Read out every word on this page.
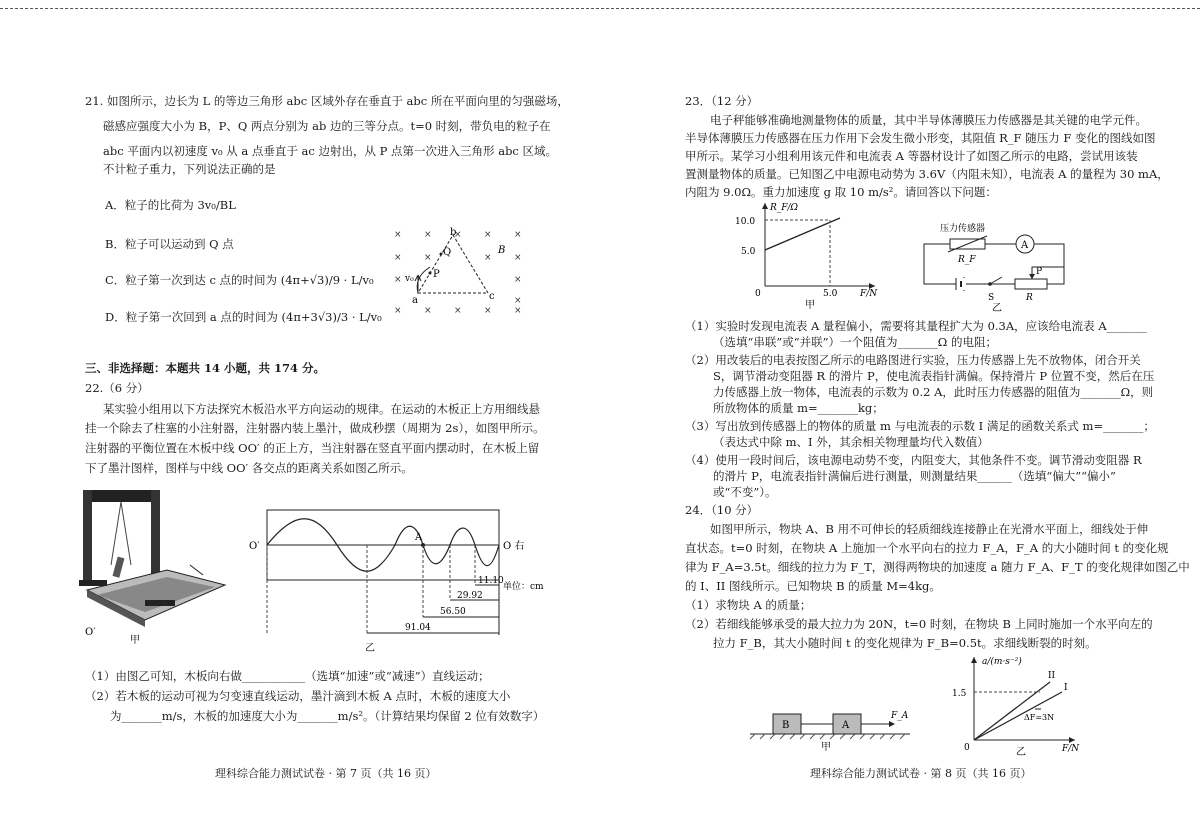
21. 如图所示，边长为 L 的等边三角形 abc 区域外存在垂直于 abc 所在平面向里的匀强磁场，
磁感应强度大小为 B，P、Q 两点分别为 ab 边的三等分点。t=0 时刻，带负电的粒子在
abc 平面内以初速度 v₀ 从 a 点垂直于 ac 边射出，从 P 点第一次进入三角形 abc 区域。
不计粒子重力，下列说法正确的是
A．粒子的比荷为 3v₀/BL
B．粒子可以运动到 Q 点
C．粒子第一次到达 c 点的时间为 (4π+√3)/9 · L/v₀
D．粒子第一次回到 a 点的时间为 (4π+3√3)/3 · L/v₀
× × × × ×
× ×	× ×
×	×
×
× × × × ×
b
B
Q
P
v₀
a	c
三、非选择题：本题共 14 小题，共 174 分。
22.（6 分）
某实验小组用以下方法探究木板沿水平方向运动的规律。在运动的木板正上方用细线悬
挂一个除去了柱塞的小注射器，注射器内装上墨汁，做成秒摆（周期为 2s），如图甲所示。
注射器的平衡位置在木板中线 OO′ 的正上方，当注射器在竖直平面内摆动时，在木板上留
下了墨汁图样，图样与中线 OO′ 各交点的距离关系如图乙所示。
O′
甲
O′	O 右
A
11.10
29.92
56.50
91.04
单位：cm
乙
（1）由图乙可知，木板向右做___________（选填“加速”或“减速”）直线运动；
（2）若木板的运动可视为匀变速直线运动，墨汁滴到木板 A 点时，木板的速度大小
为_______m/s，木板的加速度大小为_______m/s²。（计算结果均保留 2 位有效数字）
理科综合能力测试试卷 · 第 7 页（共 16 页）
23．（12 分）
电子秤能够准确地测量物体的质量，其中半导体薄膜压力传感器是其关键的电学元件。
半导体薄膜压力传感器在压力作用下会发生微小形变，其阻值 R_F 随压力 F 变化的图线如图
甲所示。某学习小组利用该元件和电流表 A 等器材设计了如图乙所示的电路，尝试用该装
置测量物体的质量。已知图乙中电源电动势为 3.6V（内阻未知），电流表 A 的量程为 30 mA，
内阻为 9.0Ω。重力加速度 g 取 10 m/s²。请回答以下问题：
R_F/Ω
10.0
5.0
0	5.0	F/N
甲
压力传感器
R_F
A
P
S	R
乙
（1）实验时发现电流表 A 量程偏小，需要将其量程扩大为 0.3A，应该给电流表 A_______
（选填“串联”或“并联”）一个阻值为_______Ω 的电阻；
（2）用改装后的电表按图乙所示的电路图进行实验，压力传感器上先不放物体，闭合开关
S，调节滑动变阻器 R 的滑片 P，使电流表指针满偏。保持滑片 P 位置不变，然后在压
力传感器上放一物体，电流表的示数为 0.2 A，此时压力传感器的阻值为_______Ω，则
所放物体的质量 m=_______kg；
（3）写出放到传感器上的物体的质量 m 与电流表的示数 I 满足的函数关系式 m=_______；
（表达式中除 m、I 外，其余相关物理量均代入数值）
（4）使用一段时间后，该电源电动势不变，内阻变大，其他条件不变。调节滑动变阻器 R
的滑片 P，电流表指针满偏后进行测量，则测量结果______（选填“偏大”“偏小”
或“不变”）。
24．（10 分）
如图甲所示，物块 A、B 用不可伸长的轻质细线连接静止在光滑水平面上，细线处于伸
直状态。t=0 时刻，在物块 A 上施加一个水平向右的拉力 F_A，F_A 的大小随时间 t 的变化规
律为 F_A=3.5t。细线的拉力为 F_T，测得两物块的加速度 a 随力 F_A、F_T 的变化规律如图乙中
的 I、II 图线所示。已知物块 B 的质量 M=4kg。
（1）求物块 A 的质量；
（2）若细线能够承受的最大拉力为 20N，t=0 时刻，在物块 B 上同时施加一个水平向左的
拉力 F_B，其大小随时间 t 的变化规律为 F_B=0.5t。求细线断裂的时刻。
B	A
F_A
甲
a/(m·s⁻²)
1.5
II
I
ΔF=3N
0	F/N
乙
理科综合能力测试试卷 · 第 8 页（共 16 页）
